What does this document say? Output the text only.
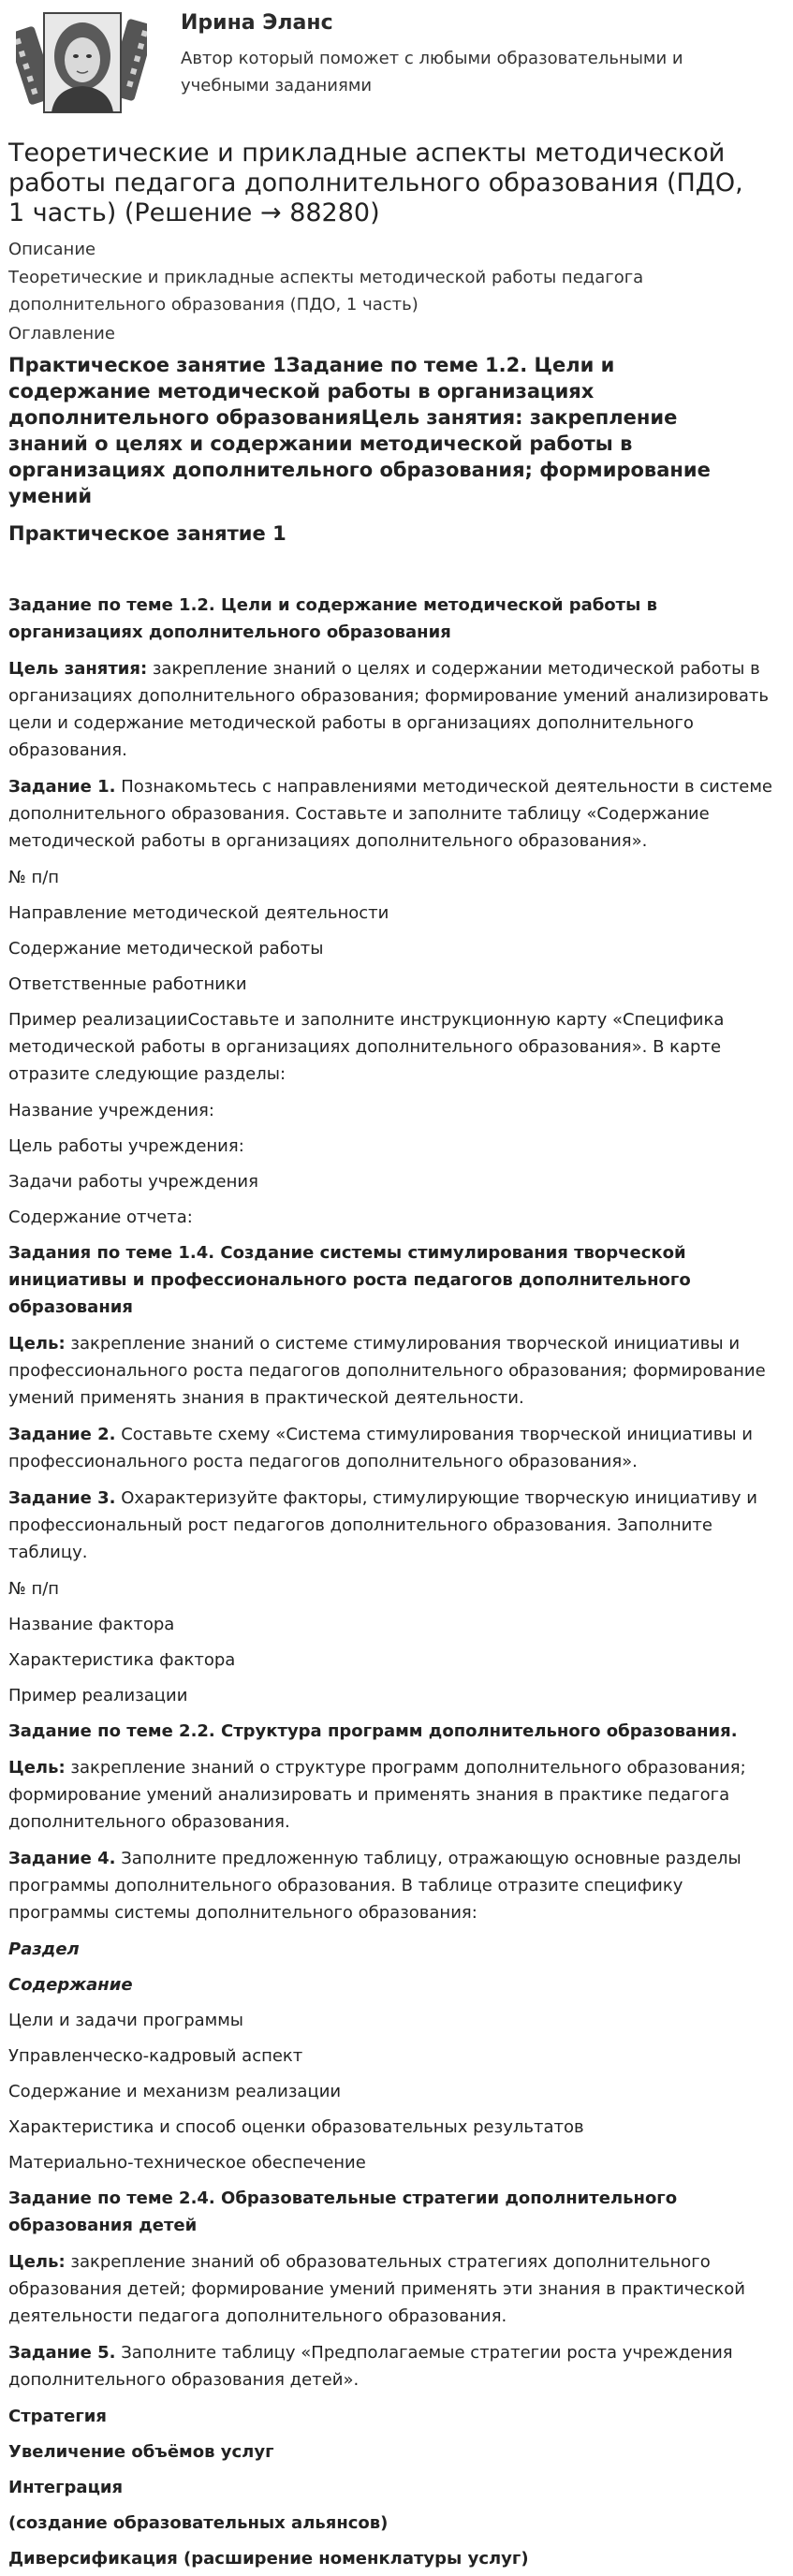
Ирина Эланс
Автор который поможет с любыми образовательными и учебными заданиями
Теоретические и прикладные аспекты методической работы педагога дополнительного образования (ПДО, 1 часть) (Решение → 88280)
Описание
Теоретические и прикладные аспекты методической работы педагога дополнительного образования (ПДО, 1 часть)
Оглавление
Практическое занятие 1Задание по теме 1.2. Цели и содержание методической работы в организациях дополнительного образованияЦель занятия: закрепление знаний о целях и содержании методической работы в организациях дополнительного образования; формирование умений
Практическое занятие 1

Задание по теме 1.2. Цели и содержание методической работы в организациях дополнительного образования

Цель занятия: закрепление знаний о целях и содержании методической работы в организациях дополнительного образования; формирование умений анализировать цели и содержание методической работы в организациях дополнительного образования.

Задание 1. Познакомьтесь с направлениями методической деятельности в системе дополнительного образования. Составьте и заполните таблицу «Содержание методической работы в организациях дополнительного образования».

№ п/п

Направление методической деятельности

Содержание методической работы

Ответственные работники

Пример реализацииСоставьте и заполните инструкционную карту «Специфика методической работы в организациях дополнительного образования». В карте отразите следующие разделы:

Название учреждения:

Цель работы учреждения:

Задачи работы учреждения

Содержание отчета:

Задания по теме 1.4. Создание системы стимулирования творческой инициативы и профессионального роста педагогов дополнительного образования

Цель: закрепление знаний о системе стимулирования творческой инициативы и профессионального роста педагогов дополнительного образования; формирование умений применять знания в практической деятельности.

Задание 2. Составьте схему «Система стимулирования творческой инициативы и профессионального роста педагогов дополнительного образования».

Задание 3. Охарактеризуйте факторы, стимулирующие творческую инициативу и профессиональный рост педагогов дополнительного образования. Заполните таблицу.

№ п/п

Название фактора

Характеристика фактора

Пример реализации

Задание по теме 2.2. Структура программ дополнительного образования.

Цель: закрепление знаний о структуре программ дополнительного образования; формирование умений анализировать и применять знания в практике педагога дополнительного образования.

Задание 4. Заполните предложенную таблицу, отражающую основные разделы программы дополнительного образования. В таблице отразите специфику программы системы дополнительного образования:

Раздел

Содержание

Цели и задачи программы

Управленческо-кадровый аспект

Содержание и механизм реализации

Характеристика и способ оценки образовательных результатов

Материально-техническое обеспечение

Задание по теме 2.4. Образовательные стратегии дополнительного образования детей

Цель: закрепление знаний об образовательных стратегиях дополнительного образования детей; формирование умений применять эти знания в практической деятельности педагога дополнительного образования.

Задание 5. Заполните таблицу «Предполагаемые стратегии роста учреждения дополнительного образования детей».

Стратегия

Увеличение объёмов услуг

Интеграция

(создание образовательных альянсов)

Диверсификация (расширение номенклатуры услуг)
